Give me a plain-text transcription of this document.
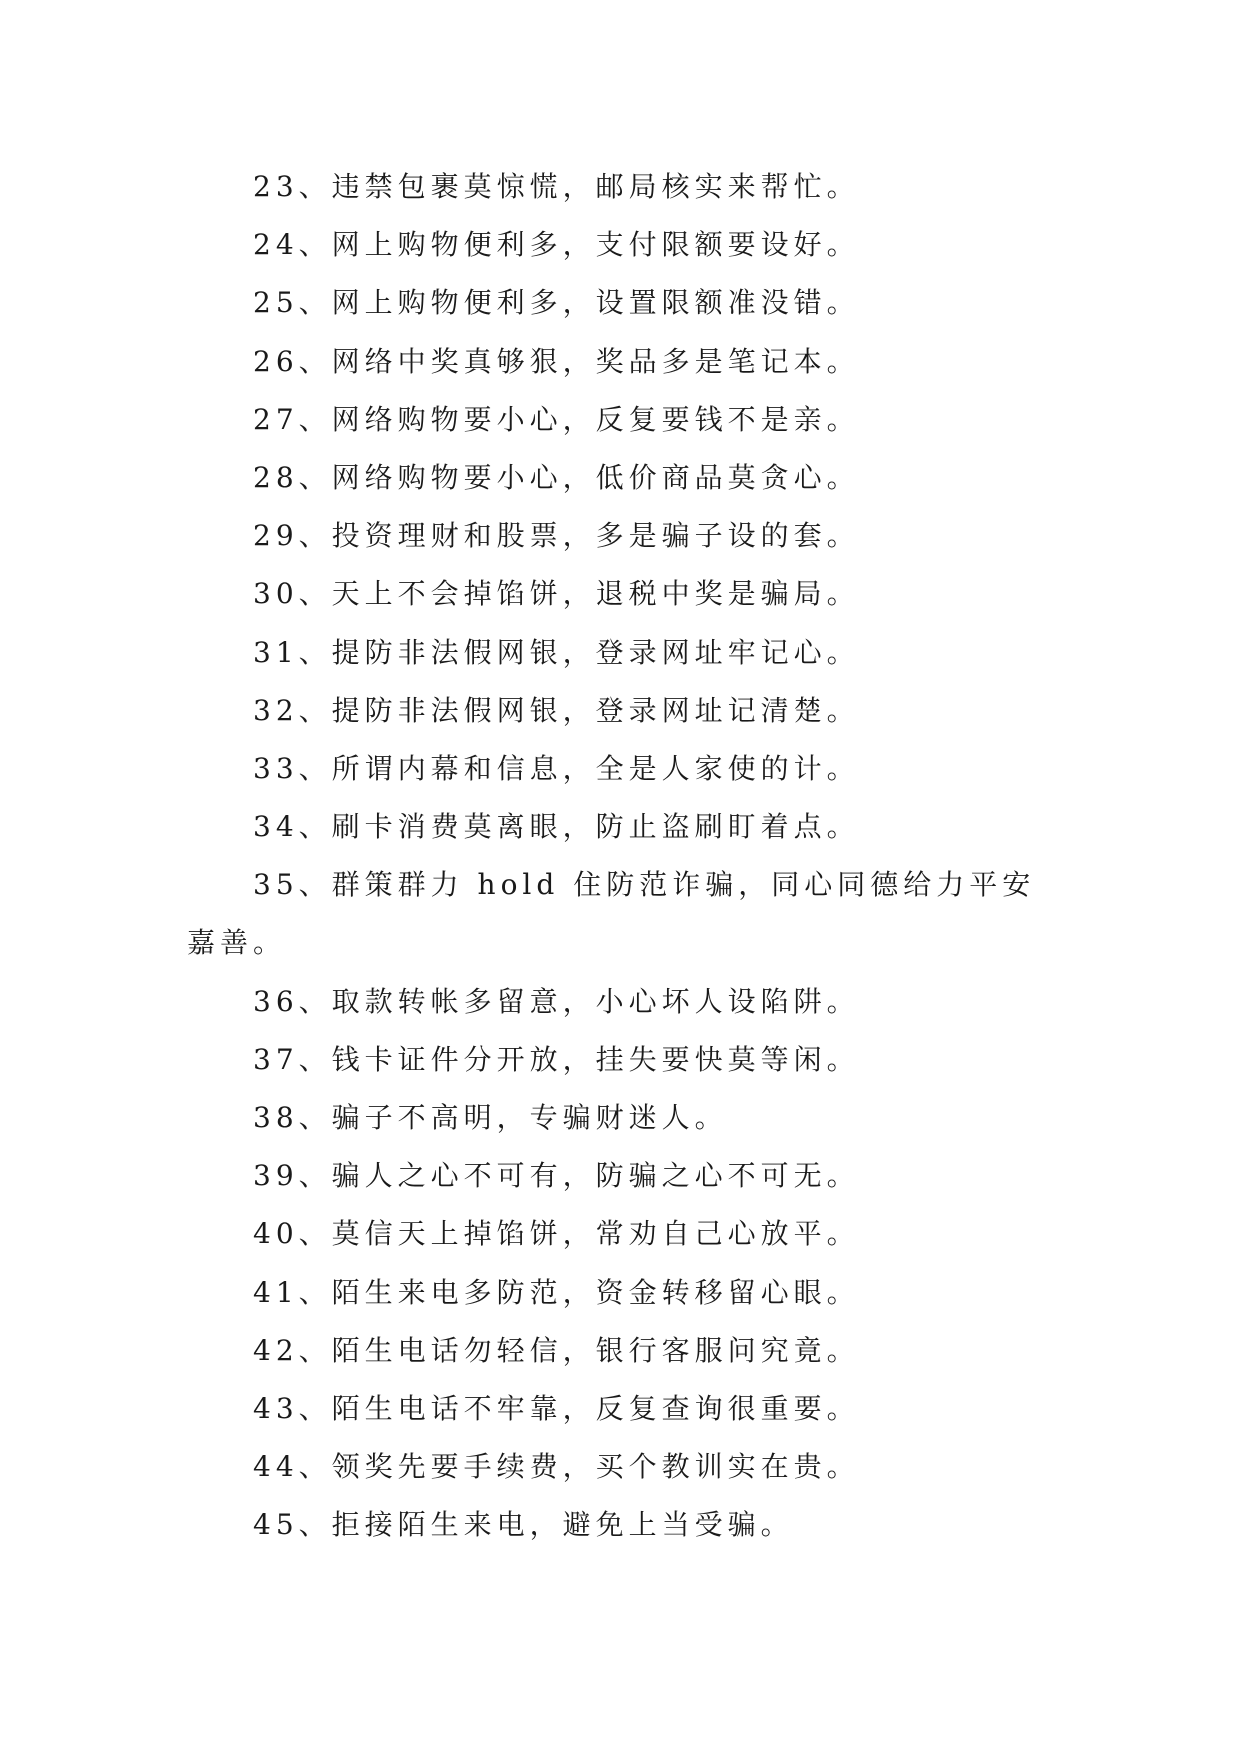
23、违禁包裹莫惊慌，邮局核实来帮忙。
24、网上购物便利多，支付限额要设好。
25、网上购物便利多，设置限额准没错。
26、网络中奖真够狠，奖品多是笔记本。
27、网络购物要小心，反复要钱不是亲。
28、网络购物要小心，低价商品莫贪心。
29、投资理财和股票，多是骗子设的套。
30、天上不会掉馅饼，退税中奖是骗局。
31、提防非法假网银，登录网址牢记心。
32、提防非法假网银，登录网址记清楚。
33、所谓内幕和信息，全是人家使的计。
34、刷卡消费莫离眼，防止盗刷盯着点。
35、群策群力 hold 住防范诈骗，同心同德给力平安嘉善。
36、取款转帐多留意，小心坏人设陷阱。
37、钱卡证件分开放，挂失要快莫等闲。
38、骗子不高明，专骗财迷人。
39、骗人之心不可有，防骗之心不可无。
40、莫信天上掉馅饼，常劝自己心放平。
41、陌生来电多防范，资金转移留心眼。
42、陌生电话勿轻信，银行客服问究竟。
43、陌生电话不牢靠，反复查询很重要。
44、领奖先要手续费，买个教训实在贵。
45、拒接陌生来电，避免上当受骗。
